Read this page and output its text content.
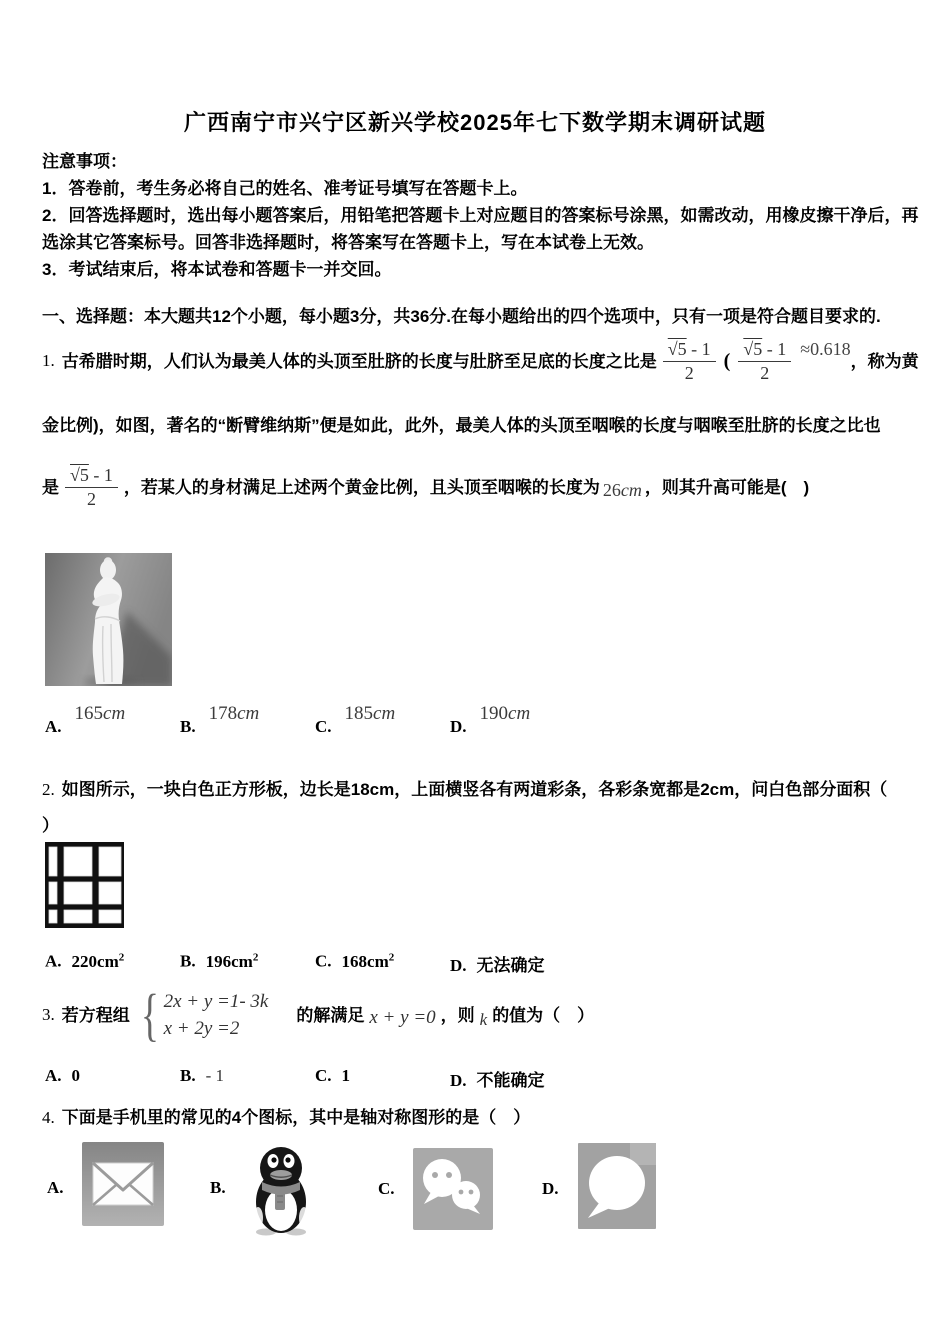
广西南宁市兴宁区新兴学校2025年七下数学期末调研试题
注意事项：
1．答卷前，考生务必将自己的姓名、准考证号填写在答题卡上。
2．回答选择题时，选出每小题答案后，用铅笔把答题卡上对应题目的答案标号涂黑，如需改动，用橡皮擦干净后，再选涂其它答案标号。回答非选择题时，将答案写在答题卡上，写在本试卷上无效。
3．考试结束后，将本试卷和答题卡一并交回。
一、选择题：本大题共12个小题，每小题3分，共36分.在每小题给出的四个选项中，只有一项是符合题目要求的.
1. 古希腊时期，人们认为最美人体的头顶至肚脐的长度与肚脐至足底的长度之比是 $\frac{√5 - 1}{2}$ ( $\frac{√5 - 1}{2} \approx 0.618$
，称为黄
金比例)，如图，著名的“断臂维纳斯”便是如此，此外，最美人体的头顶至咽喉的长度与咽喉至肚脐的长度之比也
是 $\frac{√5 - 1}{2}$ ，若某人的身材满足上述两个黄金比例，且头顶至咽喉的长度为 26cm ，则其升高可能是(　)
A.
165cm
B.
178cm
C.
185cm
D.
190cm
2. 如图所示，一块白色正方形板，边长是18cm，上面横竖各有两道彩条，各彩条宽都是2cm，问白色部分面积（
）
A. $220cm^2$	B. $196cm^2$	C. $168cm^2$	D. 无法确定
3. 若方程组 { 2x + y =1- 3k
x + 2y =2
的解满足 x + y =0 ，则 k 的值为（　）
A. 0	B. - 1	C. 1	D. 不能确定
4. 下面是手机里的常见的4个图标，其中是轴对称图形的是（　）
A.	B.	C.	D.
